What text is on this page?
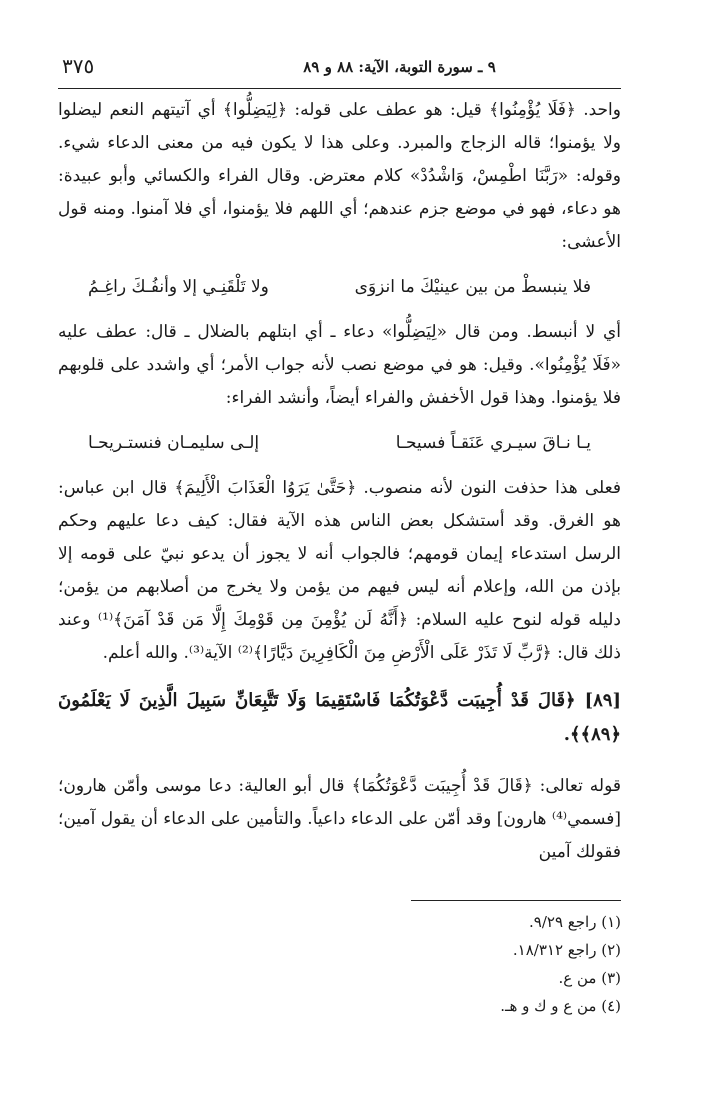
٣٧٥	٩ ـ سورة التوبة، الآية: ٨٨ و ٨٩

واحد. ﴿فَلَا يُؤْمِنُوا﴾ قيل: هو عطف على قوله: ﴿لِيَضِلُّوا﴾ أي آتيتهم النعم ليضلوا ولا يؤمنوا؛ قاله الزجاج والمبرد. وعلى هذا لا يكون فيه من معنى الدعاء شيء. وقوله: «رَبَّنَا اطْمِسْ، وَاشْدُدْ» كلام معترض. وقال الفراء والكسائي وأبو عبيدة: هو دعاء، فهو في موضع جزم عندهم؛ أي اللهم فلا يؤمنوا، أي فلا آمنوا. ومنه قول الأعشى:

فلا ينبسطْ من بين عينيْكَ ما انزوَى
ولا تَلْقَنِـي إلا وأنفُـكَ راغِـمُ

أي لا أنبسط. ومن قال «لِيَضِلُّوا» دعاء ـ أي ابتلهم بالضلال ـ قال: عطف عليه «فَلَا يُؤْمِنُوا». وقيل: هو في موضع نصب لأنه جواب الأمر؛ أي واشدد على قلوبهم فلا يؤمنوا. وهذا قول الأخفش والفراء أيضاً، وأنشد الفراء:

يـا نـاقَ سيـري عَنَقـاً فسيحـا
إلـى سليمـان فنستـريحـا

فعلى هذا حذفت النون لأنه منصوب. ﴿حَتَّىٰ يَرَوُا الْعَذَابَ الْأَلِيمَ﴾ قال ابن عباس: هو الغرق. وقد أستشكل بعض الناس هذه الآية فقال: كيف دعا عليهم وحكم الرسل استدعاء إيمان قومهم؛ فالجواب أنه لا يجوز أن يدعو نبيّ على قومه إلا بإذن من الله، وإعلام أنه ليس فيهم من يؤمن ولا يخرج من أصلابهم من يؤمن؛ دليله قوله لنوح عليه السلام: ﴿أَنَّهُ لَن يُؤْمِنَ مِن قَوْمِكَ إِلَّا مَن قَدْ آمَنَ﴾⁽¹⁾ وعند ذلك قال: ﴿رَّبِّ لَا تَذَرْ عَلَى الْأَرْضِ مِنَ الْكَافِرِينَ دَيَّارًا﴾⁽²⁾ الآية⁽³⁾. والله أعلم.

[٨٩] ﴿قَالَ قَدْ أُجِيبَت دَّعْوَتُكُمَا فَاسْتَقِيمَا وَلَا تَتَّبِعَانِّ سَبِيلَ الَّذِينَ لَا يَعْلَمُونَ ﴿٨٩﴾﴾.

قوله تعالى: ﴿قَالَ قَدْ أُجِيبَت دَّعْوَتُكُمَا﴾ قال أبو العالية: دعا موسى وأمّن هارون؛ [فسمي⁽⁴⁾ هارون] وقد أمّن على الدعاء داعياً. والتأمين على الدعاء أن يقول آمين؛ فقولك آمين

(١) راجع ٩/٢٩.
(٢) راجع ١٨/٣١٢.
(٣) من ع.
(٤) من ع و ك و هـ.
